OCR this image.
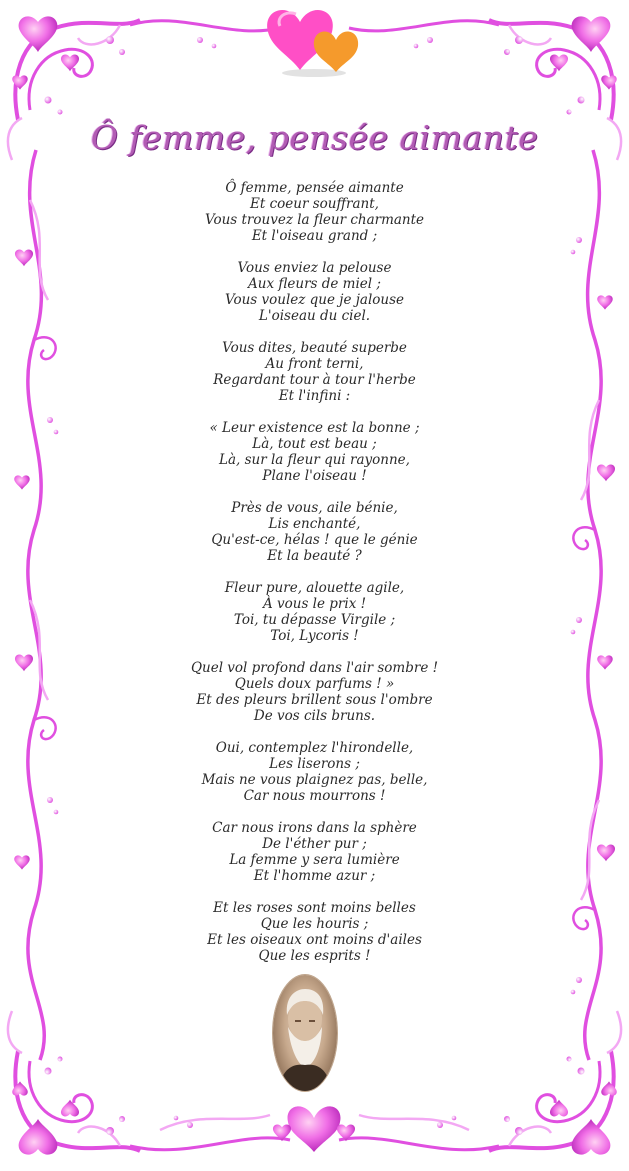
Ô femme, pensée aimante
Ô femme, pensée aimante
Et coeur souffrant,
Vous trouvez la fleur charmante
Et l'oiseau grand ;
Vous enviez la pelouse
Aux fleurs de miel ;
Vous voulez que je jalouse
L'oiseau du ciel.
Vous dites, beauté superbe
Au front terni,
Regardant tour à tour l'herbe
Et l'infini :
« Leur existence est la bonne ;
Là, tout est beau ;
Là, sur la fleur qui rayonne,
Plane l'oiseau !
Près de vous, aile bénie,
Lis enchanté,
Qu'est-ce, hélas ! que le génie
Et la beauté ?
Fleur pure, alouette agile,
À vous le prix !
Toi, tu dépasse Virgile ;
Toi, Lycoris !
Quel vol profond dans l'air sombre !
Quels doux parfums ! »
Et des pleurs brillent sous l'ombre
De vos cils bruns.
Oui, contemplez l'hirondelle,
Les liserons ;
Mais ne vous plaignez pas, belle,
Car nous mourrons !
Car nous irons dans la sphère
De l'éther pur ;
La femme y sera lumière
Et l'homme azur ;
Et les roses sont moins belles
Que les houris ;
Et les oiseaux ont moins d'ailes
Que les esprits !
